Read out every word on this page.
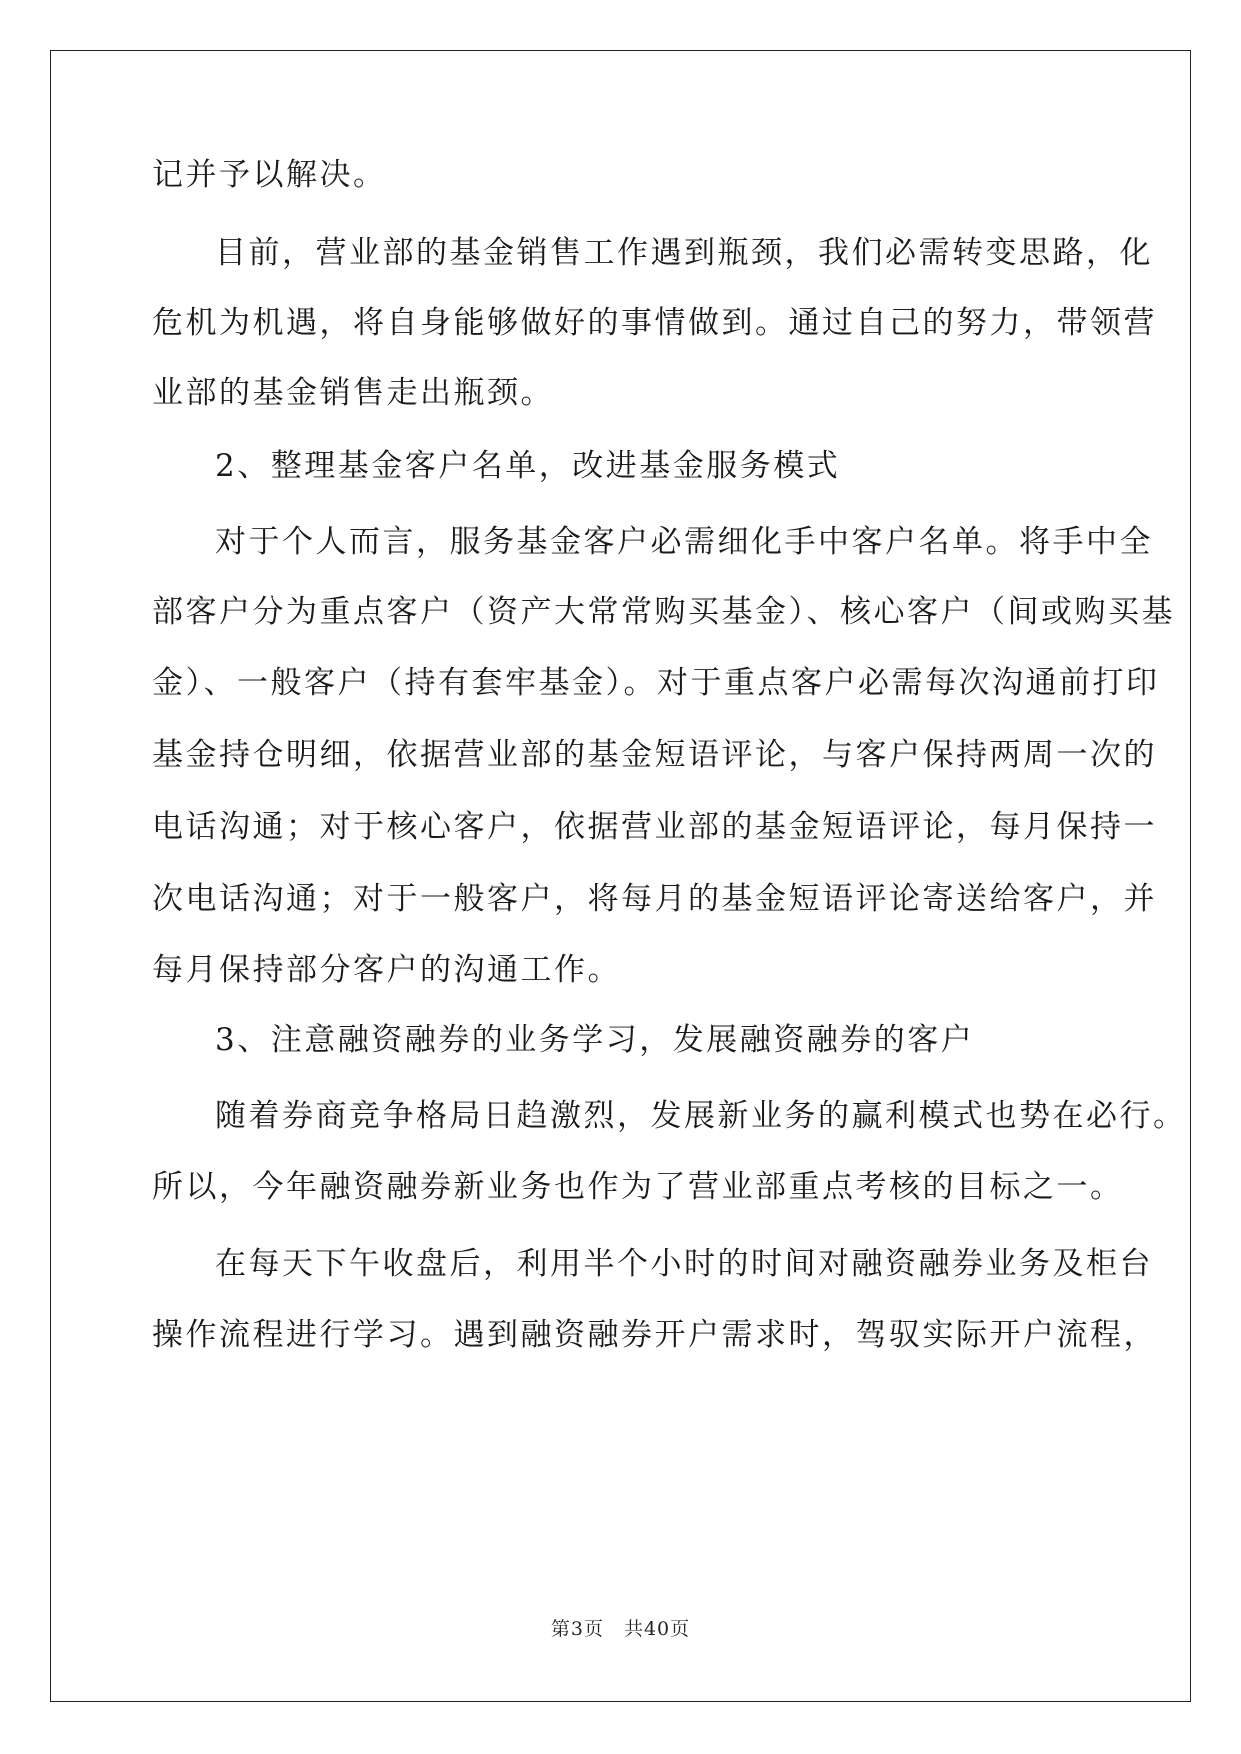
记并予以解决。
目前，营业部的基金销售工作遇到瓶颈，我们必需转变思路，化
危机为机遇，将自身能够做好的事情做到。通过自己的努力，带领营
业部的基金销售走出瓶颈。
2、整理基金客户名单，改进基金服务模式
对于个人而言，服务基金客户必需细化手中客户名单。将手中全
部客户分为重点客户（资产大常常购买基金）、核心客户（间或购买基
金）、一般客户（持有套牢基金）。对于重点客户必需每次沟通前打印
基金持仓明细，依据营业部的基金短语评论，与客户保持两周一次的
电话沟通；对于核心客户，依据营业部的基金短语评论，每月保持一
次电话沟通；对于一般客户，将每月的基金短语评论寄送给客户，并
每月保持部分客户的沟通工作。
3、注意融资融券的业务学习，发展融资融券的客户
随着券商竞争格局日趋激烈，发展新业务的赢利模式也势在必行。
所以，今年融资融券新业务也作为了营业部重点考核的目标之一。
在每天下午收盘后，利用半个小时的时间对融资融券业务及柜台
操作流程进行学习。遇到融资融券开户需求时，驾驭实际开户流程，
第3页　共40页
